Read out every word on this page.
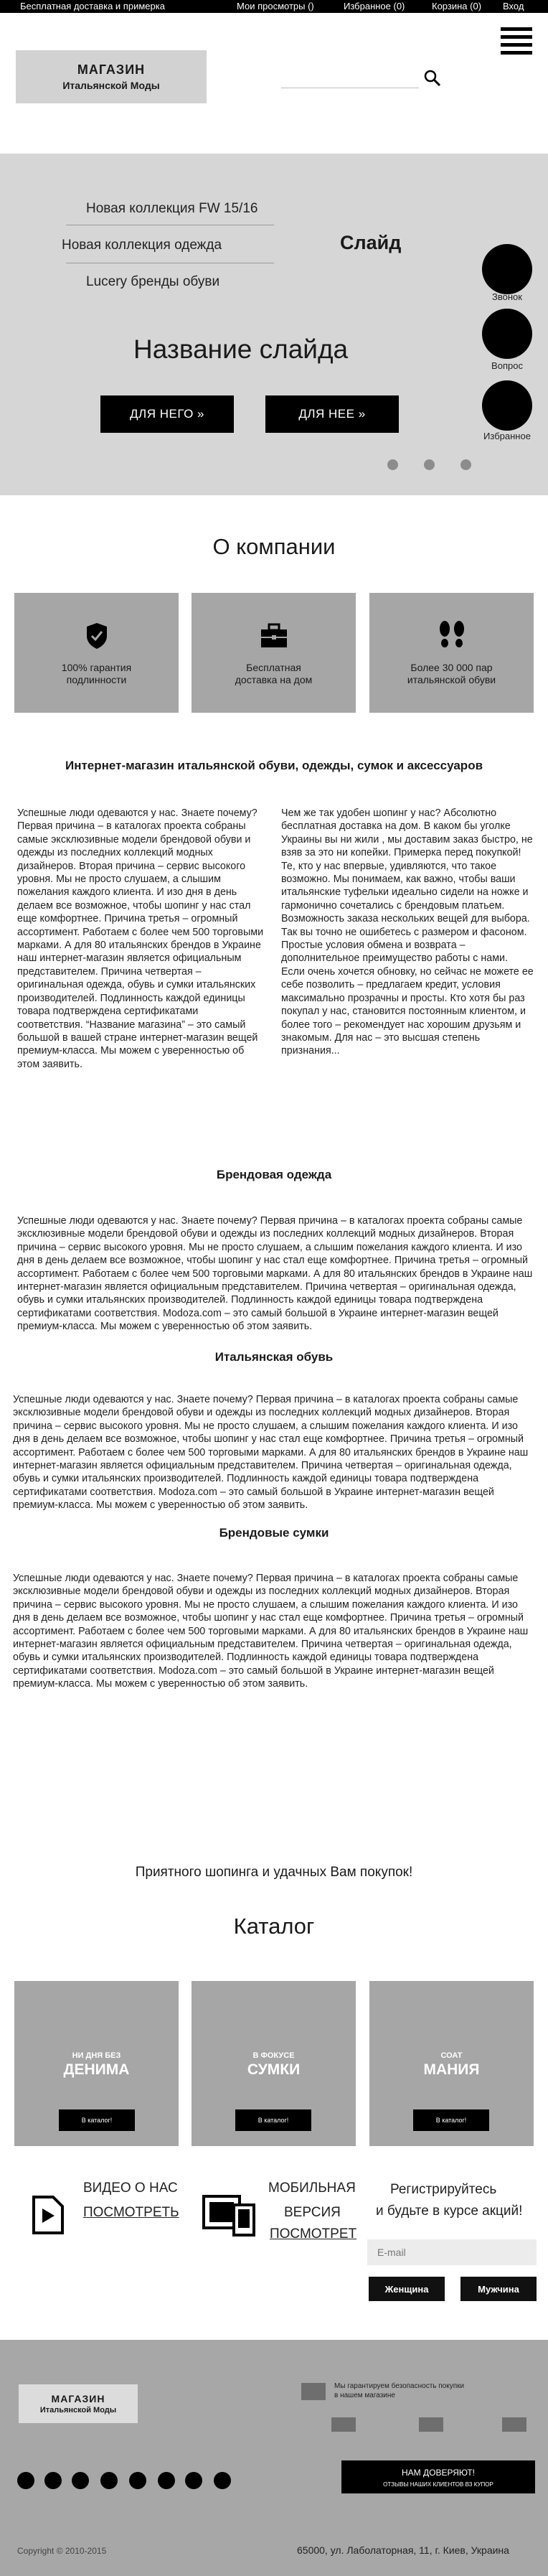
Бесплатная доставка и примерка	Мои просмотры ()	Избранное (0)	Корзина (0) Вход
МАГАЗИН
Итальянской Моды
Новая коллекция FW 15/16
Новая коллекция одежда
Lucery бренды обуви
Слайд
Название слайда
ДЛЯ НЕГО »	ДЛЯ НЕЕ »
Звонок
Вопрос
Избранное
О компании
100% гарантия
подлинности
Бесплатная
доставка на дом
Более 30 000 пар
итальянской обуви
Интернет-магазин итальянской обуви, одежды, сумок и аксессуаров
Успешные люди одеваются у нас. Знаете почему? Первая причина – в каталогах проекта собраны самые эксклюзивные модели брендовой обуви и одежды из последних коллекций модных дизайнеров. Вторая причина – сервис высокого уровня. Мы не просто слушаем, а слышим пожелания каждого клиента. И изо дня в день делаем все возможное, чтобы шопинг у нас стал еще комфортнее. Причина третья – огромный ассортимент. Работаем с более чем 500 торговыми марками. А для 80 итальянских брендов в Украине наш интернет-магазин является официальным представителем. Причина четвертая – оригинальная одежда, обувь и сумки итальянских производителей. Подлинность каждой единицы товара подтверждена сертификатами соответствия. “Название магазина” – это самый большой в вашей стране интернет-магазин вещей премиум-класса. Мы можем с уверенностью об этом заявить.
Чем же так удобен шопинг у нас? Абсолютно бесплатная доставка на дом. В каком бы уголке Украины вы ни жили , мы доставим заказ быстро, не взяв за это ни копейки. Примерка перед покупкой! Те, кто у нас впервые, удивляются, что такое возможно. Мы понимаем, как важно, чтобы ваши итальянские туфельки идеально сидели на ножке и гармонично сочетались с брендовым платьем. Возможность заказа нескольких вещей для выбора. Так вы точно не ошибетесь с размером и фасоном. Простые условия обмена и возврата – дополнительное преимущество работы с нами. Если очень хочется обновку, но сейчас не можете ее себе позволить – предлагаем кредит, условия максимально прозрачны и просты. Кто хотя бы раз покупал у нас, становится постоянным клиентом, и более того – рекомендует нас хорошим друзьям и знакомым. Для нас – это высшая степень признания...
Брендовая одежда
Успешные люди одеваются у нас. Знаете почему? Первая причина – в каталогах проекта собраны самые эксклюзивные модели брендовой обуви и одежды из последних коллекций модных дизайнеров. Вторая причина – сервис высокого уровня. Мы не просто слушаем, а слышим пожелания каждого клиента. И изо дня в день делаем все возможное, чтобы шопинг у нас стал еще комфортнее. Причина третья – огромный ассортимент. Работаем с более чем 500 торговыми марками. А для 80 итальянских брендов в Украине наш интернет-магазин является официальным представителем. Причина четвертая – оригинальная одежда, обувь и сумки итальянских производителей. Подлинность каждой единицы товара подтверждена сертификатами соответствия. Modoza.com – это самый большой в Украине интернет-магазин вещей премиум-класса. Мы можем с уверенностью об этом заявить.
Итальянская обувь
Успешные люди одеваются у нас. Знаете почему? Первая причина – в каталогах проекта собраны самые эксклюзивные модели брендовой обуви и одежды из последних коллекций модных дизайнеров. Вторая причина – сервис высокого уровня. Мы не просто слушаем, а слышим пожелания каждого клиента. И изо дня в день делаем все возможное, чтобы шопинг у нас стал еще комфортнее. Причина третья – огромный ассортимент. Работаем с более чем 500 торговыми марками. А для 80 итальянских брендов в Украине наш интернет-магазин является официальным представителем. Причина четвертая – оригинальная одежда, обувь и сумки итальянских производителей. Подлинность каждой единицы товара подтверждена сертификатами соответствия. Modoza.com – это самый большой в Украине интернет-магазин вещей премиум-класса. Мы можем с уверенностью об этом заявить.
Брендовые сумки
Успешные люди одеваются у нас. Знаете почему? Первая причина – в каталогах проекта собраны самые эксклюзивные модели брендовой обуви и одежды из последних коллекций модных дизайнеров. Вторая причина – сервис высокого уровня. Мы не просто слушаем, а слышим пожелания каждого клиента. И изо дня в день делаем все возможное, чтобы шопинг у нас стал еще комфортнее. Причина третья – огромный ассортимент. Работаем с более чем 500 торговыми марками. А для 80 итальянских брендов в Украине наш интернет-магазин является официальным представителем. Причина четвертая – оригинальная одежда, обувь и сумки итальянских производителей. Подлинность каждой единицы товара подтверждена сертификатами соответствия. Modoza.com – это самый большой в Украине интернет-магазин вещей премиум-класса. Мы можем с уверенностью об этом заявить.
Приятного шопинга и удачных Вам покупок!
Каталог
НИ ДНЯ БЕЗ
ДЕНИМА
В каталог!
В ФОКУСЕ
СУМКИ
В каталог!
СОАТ
МАНИЯ
В каталог!
ВИДЕО О НАС
ПОСМОТРЕТЬ
МОБИЛЬНАЯ
ВЕРСИЯ
ПОСМОТРЕТ
Регистрируйтесь
и будьте в курсе акций!
E-mail
Женщина	Мужчина
МАГАЗИН
Итальянской Моды
Мы гарантируем безопасность покупки
в нашем магазине
НАМ ДОВЕРЯЮТ!
ОТЗЫВЫ НАШИХ КЛИЕНТОВ ВЗ КУПОР
Copyright © 2010-2015	65000, ул. Лаболаторная, 11, г. Киев, Украина
